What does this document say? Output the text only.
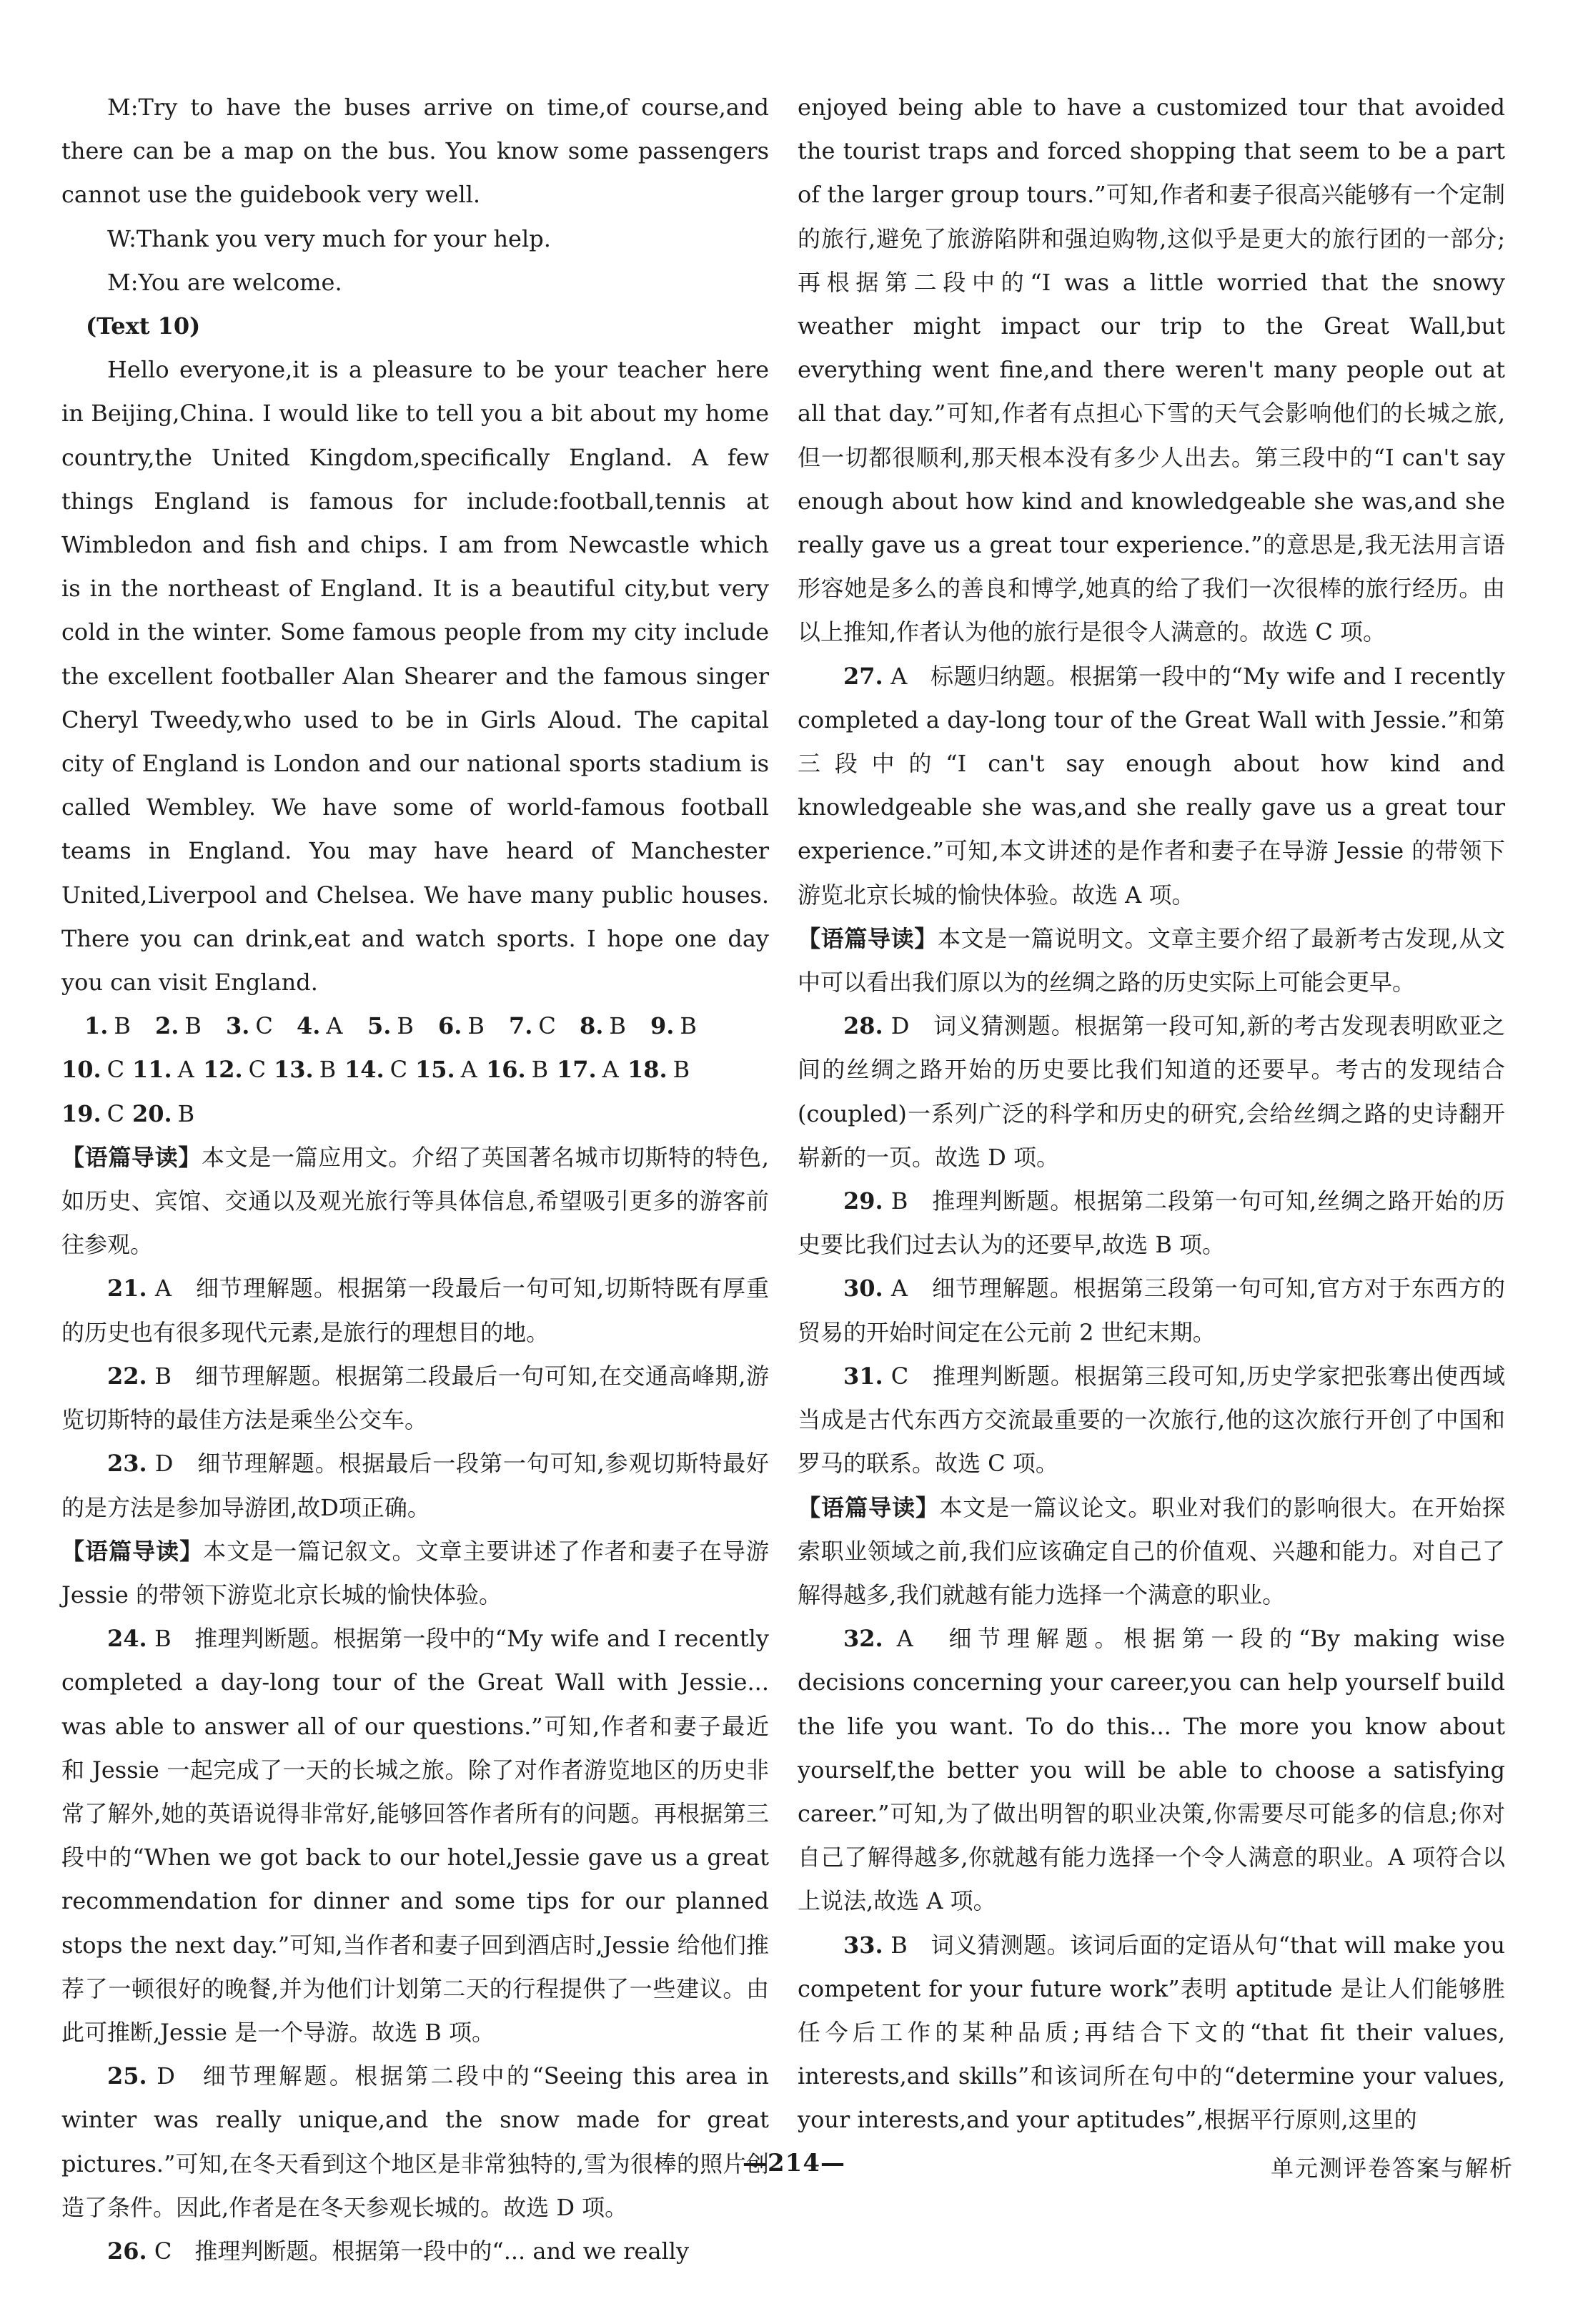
M:Try to have the buses arrive on time,of course,and there can be a map on the bus. You know some passengers cannot use the guidebook very well.

W:Thank you very much for your help.

M:You are welcome.

(Text 10)

Hello everyone,it is a pleasure to be your teacher here in Beijing,China. I would like to tell you a bit about my home country,the United Kingdom,specifically England. A few things England is famous for include:football,tennis at Wimbledon and fish and chips. I am from Newcastle which is in the northeast of England. It is a beautiful city,but very cold in the winter. Some famous people from my city include the excellent footballer Alan Shearer and the famous singer Cheryl Tweedy,who used to be in Girls Aloud. The capital city of England is London and our national sports stadium is called Wembley. We have some of world-famous football teams in England. You may have heard of Manchester United,Liverpool and Chelsea. We have many public houses. There you can drink,eat and watch sports. I hope one day you can visit England.

1. B	2. B	3. C	4. A	5. B	6. B	7. C	8. B	9. B
10. C 11. A 12. C 13. B 14. C 15. A 16. B 17. A 18. B
19. C 20. B

【语篇导读】本文是一篇应用文。介绍了英国著名城市切斯特的特色,如历史、宾馆、交通以及观光旅行等具体信息,希望吸引更多的游客前往参观。

21. A　细节理解题。根据第一段最后一句可知,切斯特既有厚重的历史也有很多现代元素,是旅行的理想目的地。

22. B　细节理解题。根据第二段最后一句可知,在交通高峰期,游览切斯特的最佳方法是乘坐公交车。

23. D　细节理解题。根据最后一段第一句可知,参观切斯特最好的是方法是参加导游团,故D项正确。

【语篇导读】本文是一篇记叙文。文章主要讲述了作者和妻子在导游 Jessie 的带领下游览北京长城的愉快体验。

24. B　推理判断题。根据第一段中的“My wife and I recently completed a day-long tour of the Great Wall with Jessie... was able to answer all of our questions.”可知,作者和妻子最近和 Jessie 一起完成了一天的长城之旅。除了对作者游览地区的历史非常了解外,她的英语说得非常好,能够回答作者所有的问题。再根据第三段中的“When we got back to our hotel,Jessie gave us a great recommendation for dinner and some tips for our planned stops the next day.”可知,当作者和妻子回到酒店时,Jessie 给他们推荐了一顿很好的晚餐,并为他们计划第二天的行程提供了一些建议。由此可推断,Jessie 是一个导游。故选 B 项。

25. D　细节理解题。根据第二段中的“Seeing this area in winter was really unique,and the snow made for great pictures.”可知,在冬天看到这个地区是非常独特的,雪为很棒的照片创造了条件。因此,作者是在冬天参观长城的。故选 D 项。

26. C　推理判断题。根据第一段中的“... and we really

enjoyed being able to have a customized tour that avoided the tourist traps and forced shopping that seem to be a part of the larger group tours.”可知,作者和妻子很高兴能够有一个定制的旅行,避免了旅游陷阱和强迫购物,这似乎是更大的旅行团的一部分;再根据第二段中的“I was a little worried that the snowy weather might impact our trip to the Great Wall,but everything went fine,and there weren't many people out at all that day.”可知,作者有点担心下雪的天气会影响他们的长城之旅,但一切都很顺利,那天根本没有多少人出去。第三段中的“I can't say enough about how kind and knowledgeable she was,and she really gave us a great tour experience.”的意思是,我无法用言语形容她是多么的善良和博学,她真的给了我们一次很棒的旅行经历。由以上推知,作者认为他的旅行是很令人满意的。故选 C 项。

27. A　标题归纳题。根据第一段中的“My wife and I recently completed a day-long tour of the Great Wall with Jessie.”和第三段中的“I can't say enough about how kind and knowledgeable she was,and she really gave us a great tour experience.”可知,本文讲述的是作者和妻子在导游 Jessie 的带领下游览北京长城的愉快体验。故选 A 项。

【语篇导读】本文是一篇说明文。文章主要介绍了最新考古发现,从文中可以看出我们原以为的丝绸之路的历史实际上可能会更早。

28. D　词义猜测题。根据第一段可知,新的考古发现表明欧亚之间的丝绸之路开始的历史要比我们知道的还要早。考古的发现结合(coupled)一系列广泛的科学和历史的研究,会给丝绸之路的史诗翻开崭新的一页。故选 D 项。

29. B　推理判断题。根据第二段第一句可知,丝绸之路开始的历史要比我们过去认为的还要早,故选 B 项。

30. A　细节理解题。根据第三段第一句可知,官方对于东西方的贸易的开始时间定在公元前 2 世纪末期。

31. C　推理判断题。根据第三段可知,历史学家把张骞出使西域当成是古代东西方交流最重要的一次旅行,他的这次旅行开创了中国和罗马的联系。故选 C 项。

【语篇导读】本文是一篇议论文。职业对我们的影响很大。在开始探索职业领域之前,我们应该确定自己的价值观、兴趣和能力。对自己了解得越多,我们就越有能力选择一个满意的职业。

32. A　细节理解题。根据第一段的“By making wise decisions concerning your career,you can help yourself build the life you want. To do this... The more you know about yourself,the better you will be able to choose a satisfying career.”可知,为了做出明智的职业决策,你需要尽可能多的信息;你对自己了解得越多,你就越有能力选择一个令人满意的职业。A 项符合以上说法,故选 A 项。

33. B　词义猜测题。该词后面的定语从句“that will make you competent for your future work”表明 aptitude 是让人们能够胜任今后工作的某种品质;再结合下文的“that fit their values, interests,and skills”和该词所在句中的“determine your values, your interests,and your aptitudes”,根据平行原则,这里的

—214—	单元测评卷答案与解析
